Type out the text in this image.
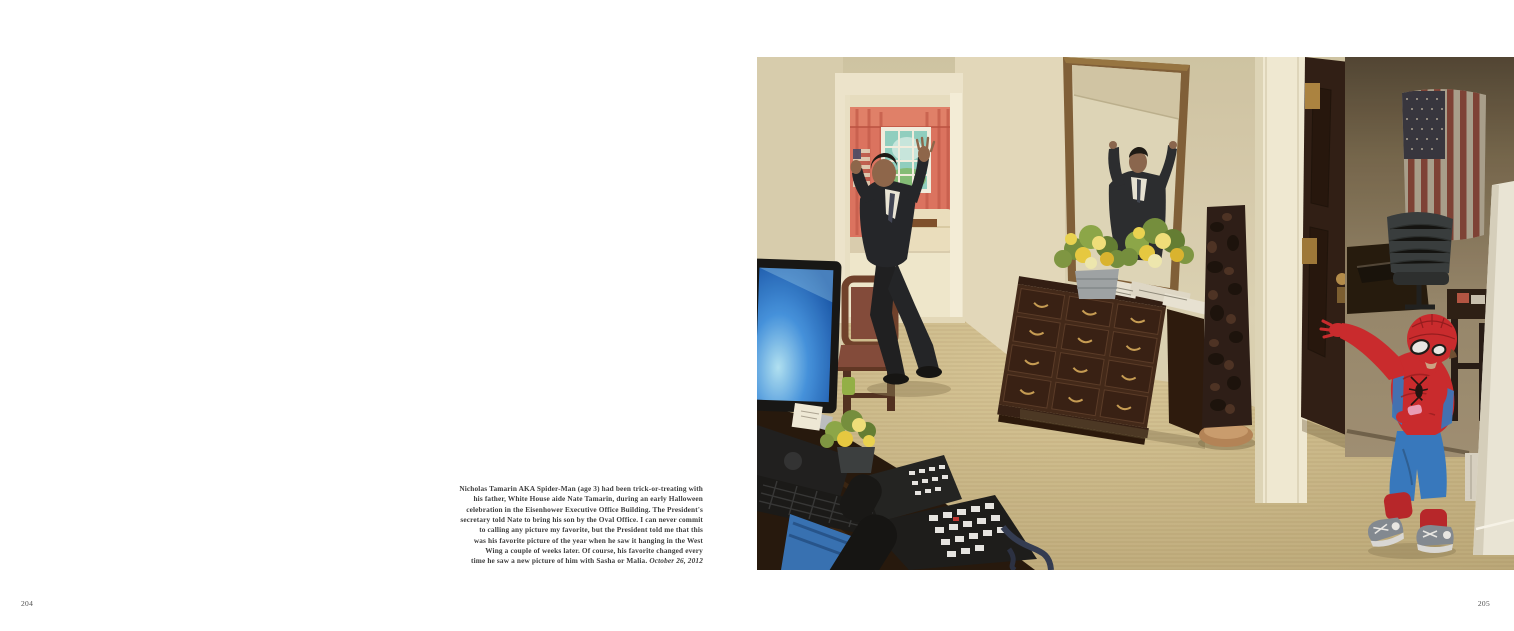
Nicholas Tamarin AKA Spider-Man (age 3) had been trick-or-treating with
his father, White House aide Nate Tamarin, during an early Halloween
celebration in the Eisenhower Executive Office Building. The President's
secretary told Nate to bring his son by the Oval Office. I can never commit
to calling any picture my favorite, but the President told me that this
was his favorite picture of the year when he saw it hanging in the West
Wing a couple of weeks later. Of course, his favorite changed every
time he saw a new picture of him with Sasha or Malia. October 26, 2012
204	205
